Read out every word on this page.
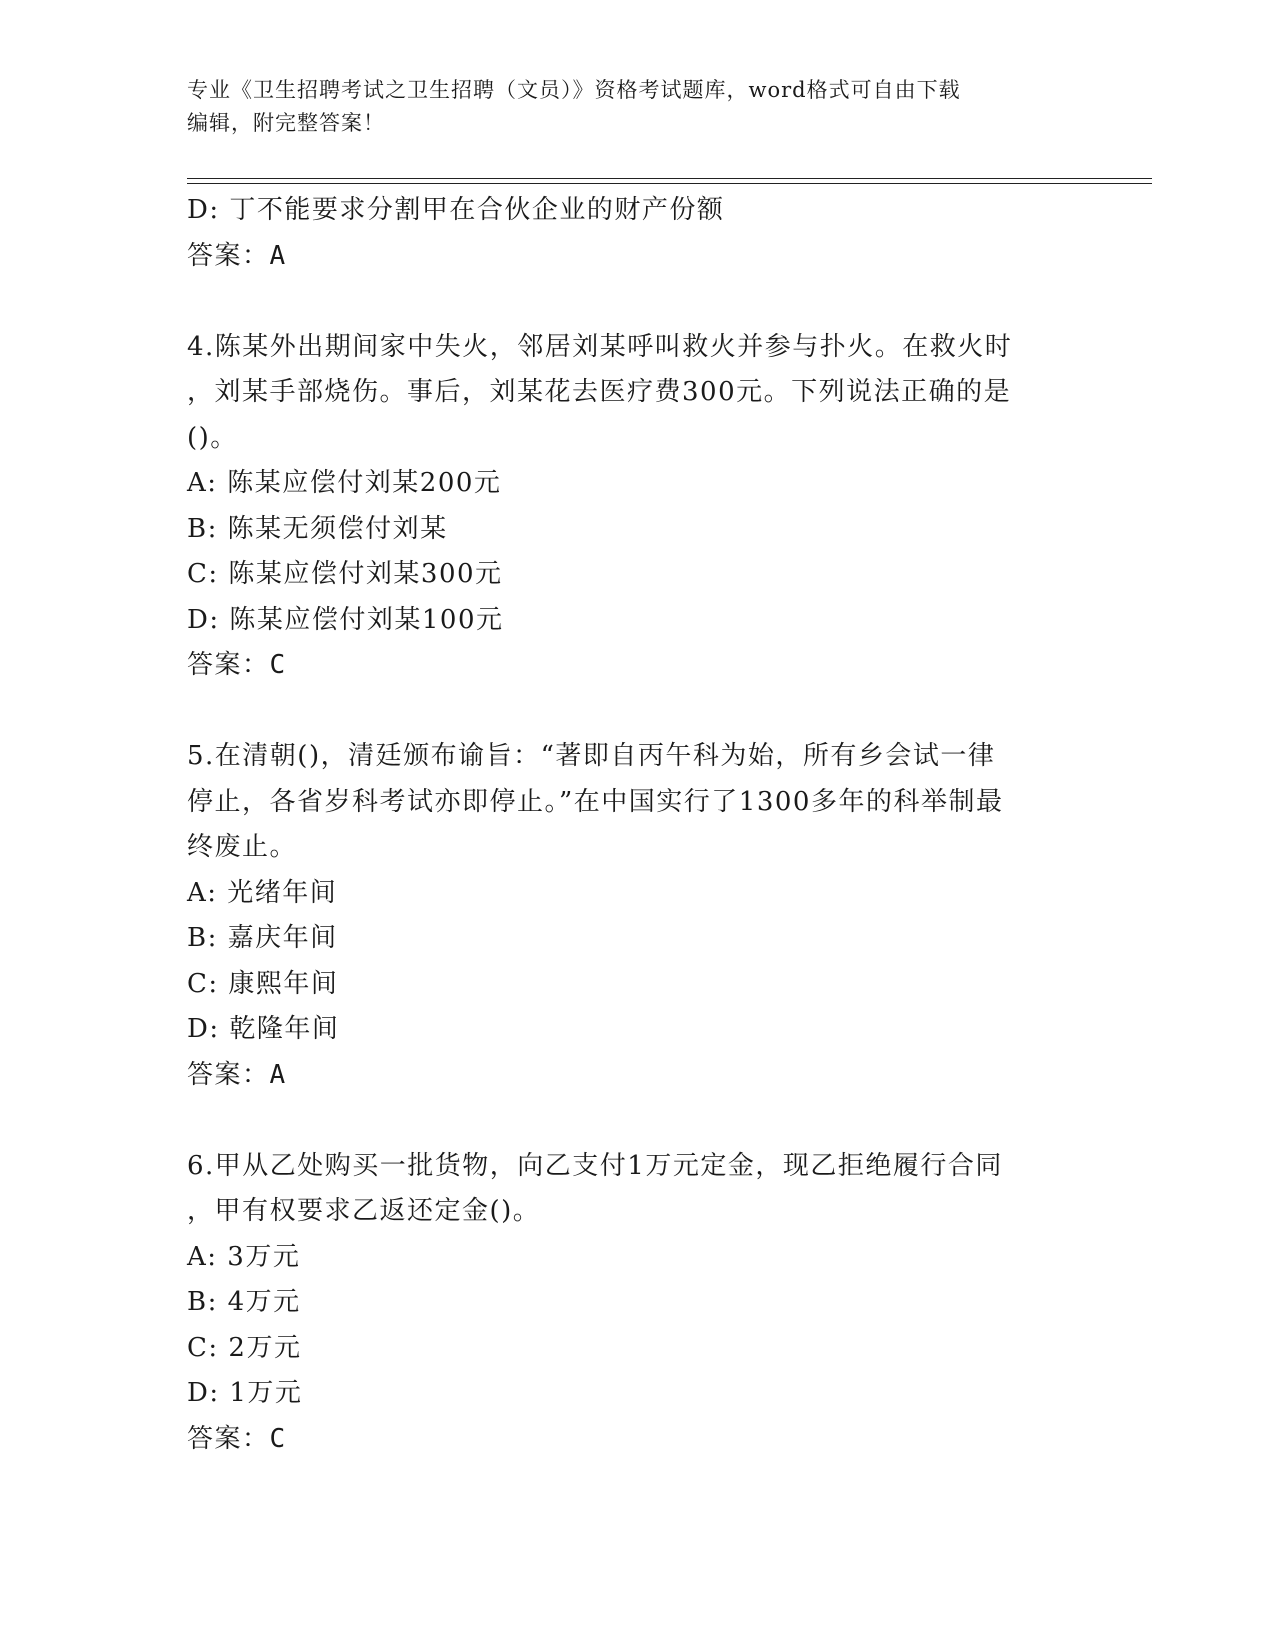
专业《卫生招聘考试之卫生招聘（文员）》资格考试题库，word格式可自由下载
编辑，附完整答案！
D: 丁不能要求分割甲在合伙企业的财产份额
答案：A
4.陈某外出期间家中失火，邻居刘某呼叫救火并参与扑火。在救火时
，刘某手部烧伤。事后，刘某花去医疗费300元。下列说法正确的是
()。
A: 陈某应偿付刘某200元
B: 陈某无须偿付刘某
C: 陈某应偿付刘某300元
D: 陈某应偿付刘某100元
答案：C
5.在清朝()，清廷颁布谕旨：“著即自丙午科为始，所有乡会试一律
停止，各省岁科考试亦即停止。”在中国实行了1300多年的科举制最
终废止。
A: 光绪年间
B: 嘉庆年间
C: 康熙年间
D: 乾隆年间
答案：A
6.甲从乙处购买一批货物，向乙支付1万元定金，现乙拒绝履行合同
，甲有权要求乙返还定金()。
A: 3万元
B: 4万元
C: 2万元
D: 1万元
答案：C
